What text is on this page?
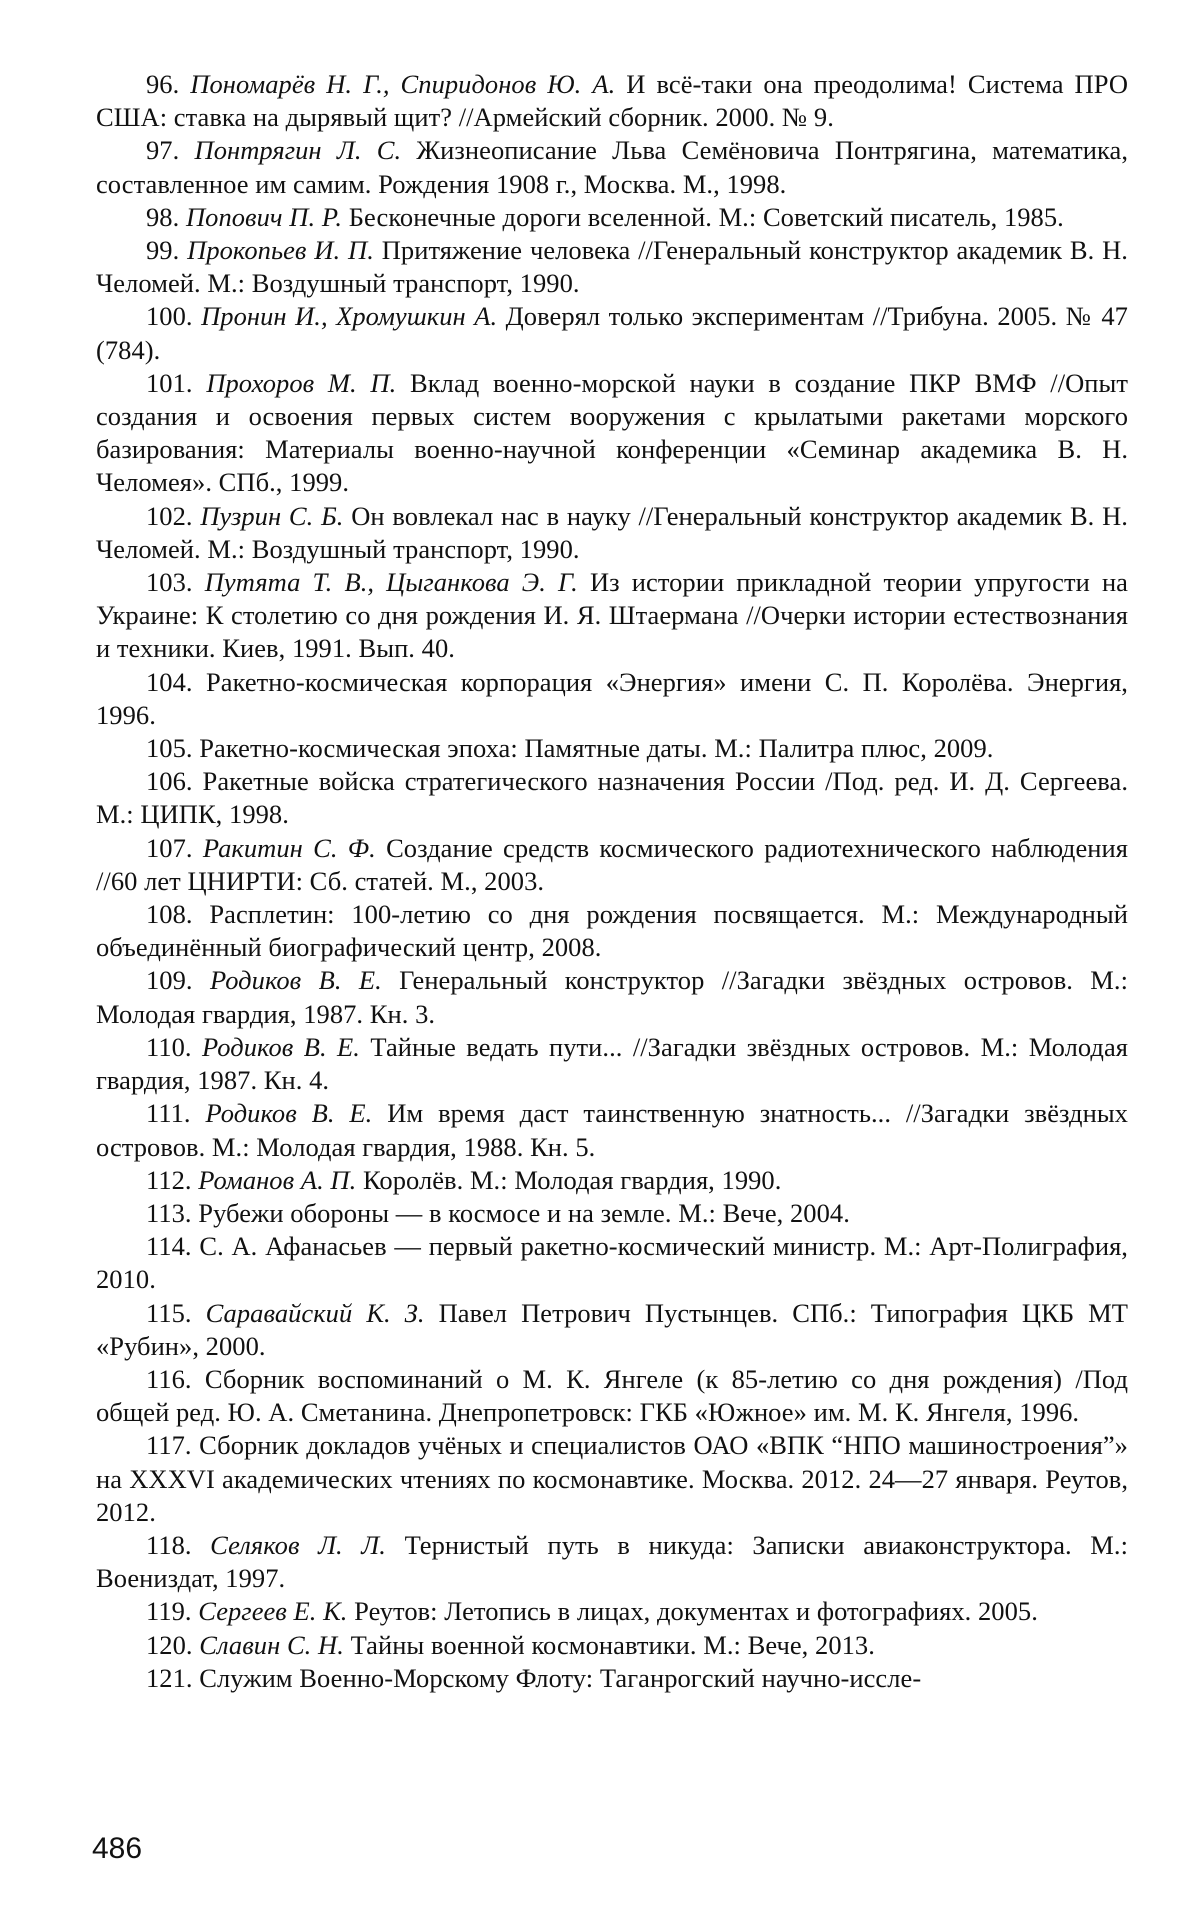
96. Пономарёв Н. Г., Спиридонов Ю. А. И всё-таки она преодолима! Система ПРО США: ставка на дырявый щит? //Армейский сборник. 2000. № 9.

97. Понтрягин Л. С. Жизнеописание Льва Семёновича Понтрягина, математика, составленное им самим. Рождения 1908 г., Москва. М., 1998.

98. Попович П. Р. Бесконечные дороги вселенной. М.: Советский писатель, 1985.

99. Прокопьев И. П. Притяжение человека //Генеральный конструктор академик В. Н. Челомей. М.: Воздушный транспорт, 1990.

100. Пронин И., Хромушкин А. Доверял только экспериментам //Трибуна. 2005. № 47 (784).

101. Прохоров М. П. Вклад военно-морской науки в создание ПКР ВМФ //Опыт создания и освоения первых систем вооружения с крылатыми ракетами морского базирования: Материалы военно-научной конференции «Семинар академика В. Н. Челомея». СПб., 1999.

102. Пузрин С. Б. Он вовлекал нас в науку //Генеральный конструктор академик В. Н. Челомей. М.: Воздушный транспорт, 1990.

103. Путята Т. В., Цыганкова Э. Г. Из истории прикладной теории упругости на Украине: К столетию со дня рождения И. Я. Штаермана //Очерки истории естествознания и техники. Киев, 1991. Вып. 40.

104. Ракетно-космическая корпорация «Энергия» имени С. П. Королёва. Энергия, 1996.

105. Ракетно-космическая эпоха: Памятные даты. М.: Палитра плюс, 2009.

106. Ракетные войска стратегического назначения России /Под. ред. И. Д. Сергеева. М.: ЦИПК, 1998.

107. Ракитин С. Ф. Создание средств космического радиотехнического наблюдения //60 лет ЦНИРТИ: Сб. статей. М., 2003.

108. Расплетин: 100-летию со дня рождения посвящается. М.: Международный объединённый биографический центр, 2008.

109. Родиков В. Е. Генеральный конструктор //Загадки звёздных островов. М.: Молодая гвардия, 1987. Кн. 3.

110. Родиков В. Е. Тайные ведать пути... //Загадки звёздных островов. М.: Молодая гвардия, 1987. Кн. 4.

111. Родиков В. Е. Им время даст таинственную знатность... //Загадки звёздных островов. М.: Молодая гвардия, 1988. Кн. 5.

112. Романов А. П. Королёв. М.: Молодая гвардия, 1990.

113. Рубежи обороны — в космосе и на земле. М.: Вече, 2004.

114. С. А. Афанасьев — первый ракетно-космический министр. М.: Арт-Полиграфия, 2010.

115. Саравайский К. З. Павел Петрович Пустынцев. СПб.: Типография ЦКБ МТ «Рубин», 2000.

116. Сборник воспоминаний о М. К. Янгеле (к 85-летию со дня рождения) /Под общей ред. Ю. А. Сметанина. Днепропетровск: ГКБ «Южное» им. М. К. Янгеля, 1996.

117. Сборник докладов учёных и специалистов ОАО «ВПК “НПО машиностроения”» на XXXVI академических чтениях по космонавтике. Москва. 2012. 24—27 января. Реутов, 2012.

118. Селяков Л. Л. Тернистый путь в никуда: Записки авиаконструктора. М.: Воениздат, 1997.

119. Сергеев Е. К. Реутов: Летопись в лицах, документах и фотографиях. 2005.

120. Славин С. Н. Тайны военной космонавтики. М.: Вече, 2013.

121. Служим Военно-Морскому Флоту: Таганрогский научно-иссле-

486
